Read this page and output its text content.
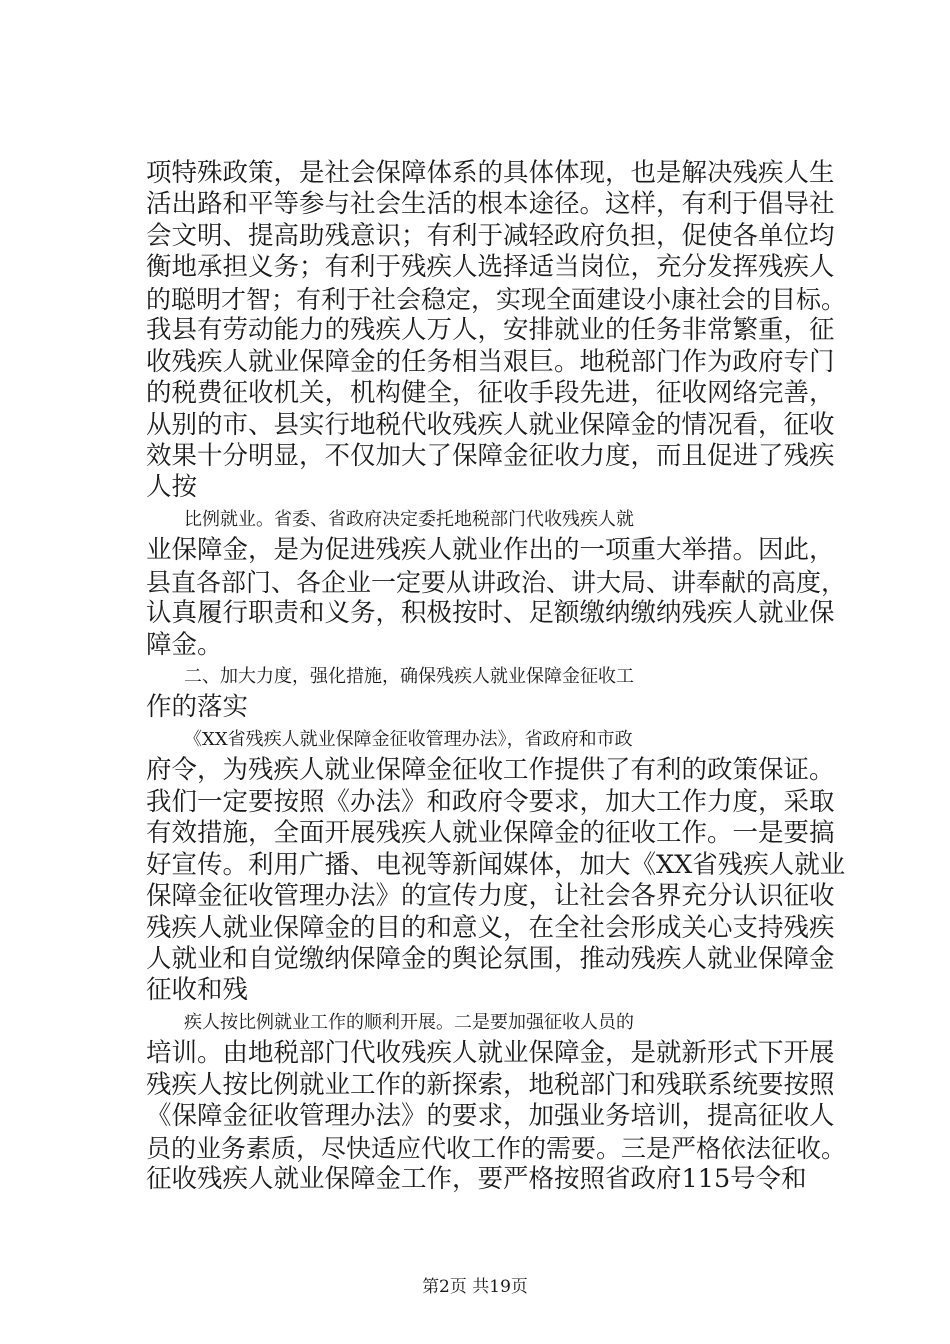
项特殊政策，是社会保障体系的具体体现，也是解决残疾人生
活出路和平等参与社会生活的根本途径。这样，有利于倡导社
会文明、提高助残意识；有利于减轻政府负担，促使各单位均
衡地承担义务；有利于残疾人选择适当岗位，充分发挥残疾人
的聪明才智；有利于社会稳定，实现全面建设小康社会的目标。
我县有劳动能力的残疾人万人，安排就业的任务非常繁重，征
收残疾人就业保障金的任务相当艰巨。地税部门作为政府专门
的税费征收机关，机构健全，征收手段先进，征收网络完善，
从别的市、县实行地税代收残疾人就业保障金的情况看，征收
效果十分明显，不仅加大了保障金征收力度，而且促进了残疾
人按
比例就业。省委、省政府决定委托地税部门代收残疾人就
业保障金，是为促进残疾人就业作出的一项重大举措。因此，
县直各部门、各企业一定要从讲政治、讲大局、讲奉献的高度，
认真履行职责和义务，积极按时、足额缴纳缴纳残疾人就业保
障金。
二、加大力度，强化措施，确保残疾人就业保障金征收工
作的落实
《XX省残疾人就业保障金征收管理办法》，省政府和市政
府令，为残疾人就业保障金征收工作提供了有利的政策保证。
我们一定要按照《办法》和政府令要求，加大工作力度，采取
有效措施，全面开展残疾人就业保障金的征收工作。一是要搞
好宣传。利用广播、电视等新闻媒体，加大《XX省残疾人就业
保障金征收管理办法》的宣传力度，让社会各界充分认识征收
残疾人就业保障金的目的和意义，在全社会形成关心支持残疾
人就业和自觉缴纳保障金的舆论氛围，推动残疾人就业保障金
征收和残
疾人按比例就业工作的顺利开展。二是要加强征收人员的
培训。由地税部门代收残疾人就业保障金，是就新形式下开展
残疾人按比例就业工作的新探索，地税部门和残联系统要按照
《保障金征收管理办法》的要求，加强业务培训，提高征收人
员的业务素质，尽快适应代收工作的需要。三是严格依法征收。
征收残疾人就业保障金工作，要严格按照省政府115号令和
第2页 共19页
